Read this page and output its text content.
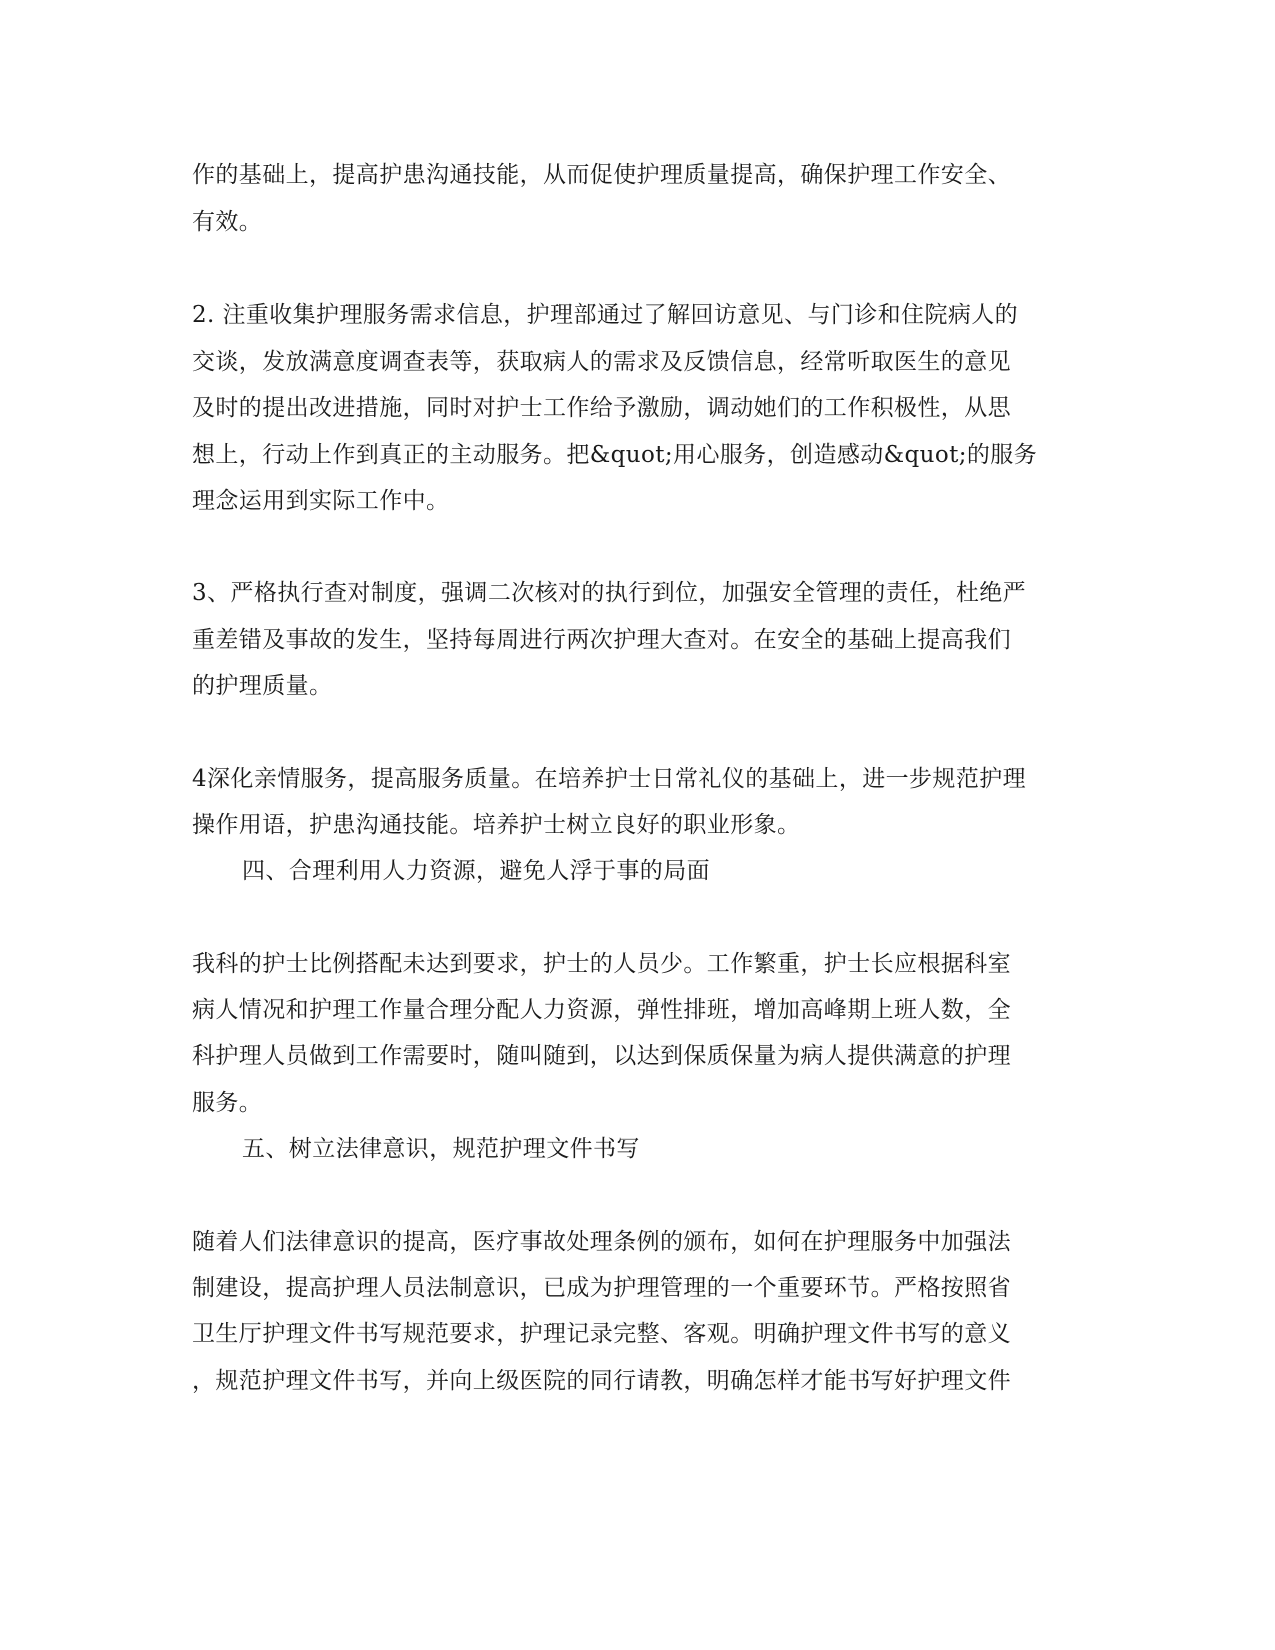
作的基础上，提高护患沟通技能，从而促使护理质量提高，确保护理工作安全、
有效。
2. 注重收集护理服务需求信息，护理部通过了解回访意见、与门诊和住院病人的
交谈，发放满意度调查表等，获取病人的需求及反馈信息，经常听取医生的意见
及时的提出改进措施，同时对护士工作给予激励，调动她们的工作积极性，从思
想上，行动上作到真正的主动服务。把&quot;用心服务，创造感动&quot;的服务
理念运用到实际工作中。
3、严格执行查对制度，强调二次核对的执行到位，加强安全管理的责任，杜绝严
重差错及事故的发生，坚持每周进行两次护理大查对。在安全的基础上提高我们
的护理质量。
4深化亲情服务，提高服务质量。在培养护士日常礼仪的基础上，进一步规范护理
操作用语，护患沟通技能。培养护士树立良好的职业形象。
四、合理利用人力资源，避免人浮于事的局面
我科的护士比例搭配未达到要求，护士的人员少。工作繁重，护士长应根据科室
病人情况和护理工作量合理分配人力资源，弹性排班，增加高峰期上班人数，全
科护理人员做到工作需要时，随叫随到，以达到保质保量为病人提供满意的护理
服务。
五、树立法律意识，规范护理文件书写
随着人们法律意识的提高，医疗事故处理条例的颁布，如何在护理服务中加强法
制建设，提高护理人员法制意识，已成为护理管理的一个重要环节。严格按照省
卫生厅护理文件书写规范要求，护理记录完整、客观。明确护理文件书写的意义
，规范护理文件书写，并向上级医院的同行请教，明确怎样才能书写好护理文件
